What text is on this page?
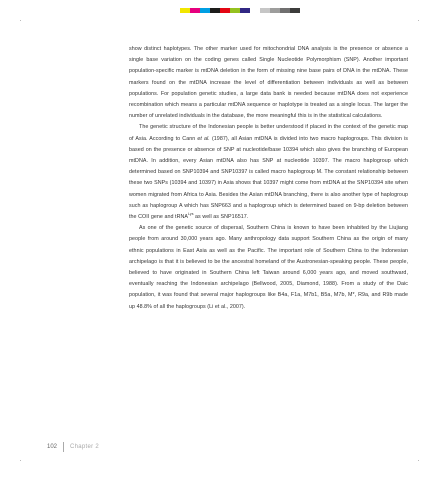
show distinct haplotypes. The other marker used for mitochondrial DNA analysis is the presence or absence a single base variation on the coding genes called Single Nucleotide Polymorphism (SNP). Another important population-specific marker is mtDNA deletion in the form of missing nine base pairs of DNA in the mtDNA. These markers found on the mtDNA increase the level of differentiation between individuals as well as between populations. For population genetic studies, a large data bank is needed because mtDNA does not experience recombination which means a particular mtDNA sequence or haplotype is treated as a single locus. The larger the number of unrelated individuals in the database, the more meaningful this is in the statistical calculations.

The genetic structure of the Indonesian people is better understood if placed in the context of the genetic map of Asia. According to Cann et al. (1987), all Asian mtDNA is divided into two macro haplogroups. This division is based on the presence or absence of SNP at nucleotide/base 10394 which also gives the branching of European mtDNA. In addition, every Asian mtDNA also has SNP at nucleotide 10397. The macro haplogroup which determined based on SNP10394 and SNP10397 is called macro haplogroup M. The constant relationship between these two SNPs (10394 and 10397) in Asia shows that 10397 might come from mtDNA at the SNP10394 site when women migrated from Africa to Asia. Besides the Asian mtDNA branching, there is also another type of haplogroup such as haplogroup A which has SNP663 and a haplogroup which is determined based on 9-bp deletion between the COII gene and tRNA$^{Lys}$ as well as SNP16517.

As one of the genetic source of dispersal, Southern China is known to have been inhabited by the Liujiang people from around 30,000 years ago. Many anthropology data support Southern China as the origin of many ethnic populations in East Asia as well as the Pacific. The important role of Southern China to the Indonesian archipelago is that it is believed to be the ancestral homeland of the Austronesian-speaking people. These people, believed to have originated in Southern China left Taiwan around 6,000 years ago, and moved southward, eventually reaching the Indonesian archipelago (Bellwood, 2005, Diamond, 1988). From a study of the Daic population, it was found that several major haplogroups like B4a, F1a, M7b1, B5a, M7b, M*, R9a, and R9b made up 48.8% of all the haplogroups (Li et al., 2007).

102 Chapter 2
